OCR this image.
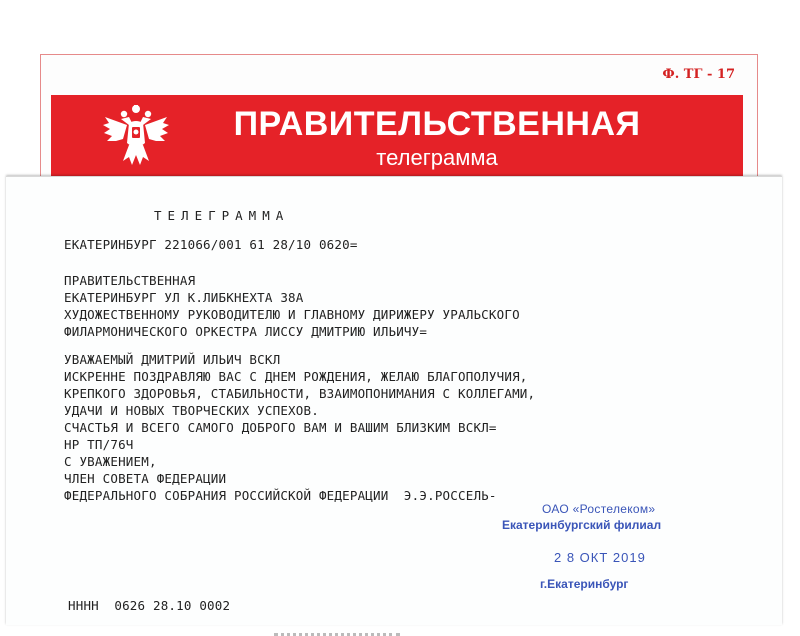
Ф. ТГ - 17
ПРАВИТЕЛЬСТВЕННАЯ
телеграмма
ТЕЛЕГРАММА
ЕКАТЕРИНБУРГ 221066/001 61 28/10 0620=
ПРАВИТЕЛЬСТВЕННАЯ
ЕКАТЕРИНБУРГ УЛ К.ЛИБКНЕХТА 38А
ХУДОЖЕСТВЕННОМУ РУКОВОДИТЕЛЮ И ГЛАВНОМУ ДИРИЖЕРУ УРАЛЬСКОГО
ФИЛАРМОНИЧЕСКОГО ОРКЕСТРА ЛИССУ ДМИТРИЮ ИЛЬИЧУ=
УВАЖАЕМЫЙ ДМИТРИЙ ИЛЬИЧ ВСКЛ
ИСКРЕННЕ ПОЗДРАВЛЯЮ ВАС С ДНЕМ РОЖДЕНИЯ, ЖЕЛАЮ БЛАГОПОЛУЧИЯ,
КРЕПКОГО ЗДОРОВЬЯ, СТАБИЛЬНОСТИ, ВЗАИМОПОНИМАНИЯ С КОЛЛЕГАМИ,
УДАЧИ И НОВЫХ ТВОРЧЕСКИХ УСПЕХОВ.
СЧАСТЬЯ И ВСЕГО САМОГО ДОБРОГО ВАМ И ВАШИМ БЛИЗКИМ ВСКЛ=
НР ТП/76Ч
С УВАЖЕНИЕМ,
ЧЛЕН СОВЕТА ФЕДЕРАЦИИ
ФЕДЕРАЛЬНОГО СОБРАНИЯ РОССИЙСКОЙ ФЕДЕРАЦИИ  Э.Э.РОССЕЛЬ-
ОАО «Ростелеком»
Екатеринбургский филиал
2 8 ОКТ 2019
г.Екатеринбург
НННН  0626 28.10 0002
